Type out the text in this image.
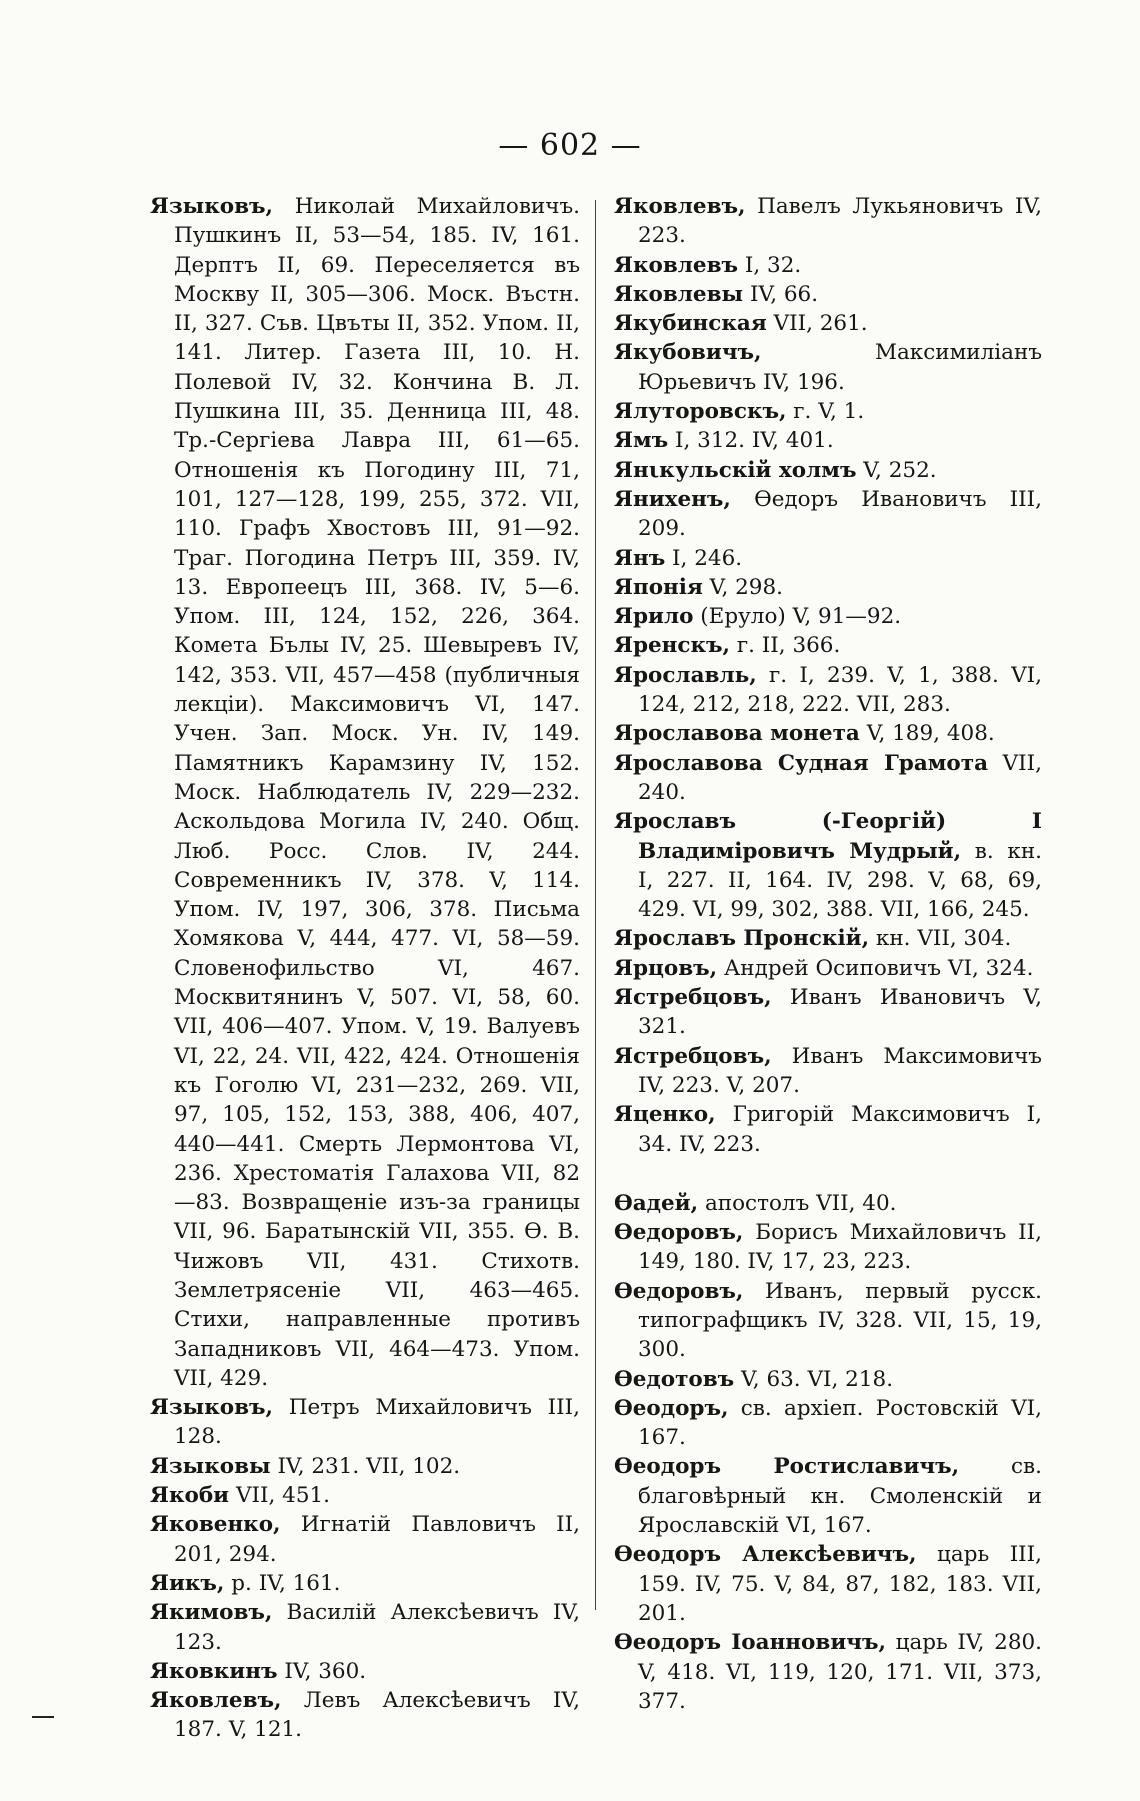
— 602 —

Языковъ, Николай Михайловичъ. Пушкинъ II, 53—54, 185. IV, 161. Дерптъ II, 69. Переселяется въ Москву II, 305—306. Моск. Въстн. II, 327. Съв. Цвъты II, 352. Упом. II, 141. Литер. Газета III, 10. Н. Полевой IV, 32. Кончина В. Л. Пушкина III, 35. Денница III, 48. Тр.-Сергіева Лавра III, 61—65. Отношенія къ Погодину III, 71, 101, 127—128, 199, 255, 372. VII, 110. Графъ Хвостовъ III, 91—92. Траг. Погодина Петръ III, 359. IV, 13. Европеецъ III, 368. IV, 5—6. Упом. III, 124, 152, 226, 364. Комета Бълы IV, 25. Шевыревъ IV, 142, 353. VII, 457—458 (публичныя лекціи). Максимовичъ VI, 147. Учен. Зап. Моск. Ун. IV, 149. Памятникъ Карамзину IV, 152. Моск. Наблюдатель IV, 229—232. Аскольдова Могила IV, 240. Общ. Люб. Росс. Слов. IV, 244. Современникъ IV, 378. V, 114. Упом. IV, 197, 306, 378. Письма Хомякова V, 444, 477. VI, 58—59. Словенофильство VI, 467. Москвитянинъ V, 507. VI, 58, 60. VII, 406—407. Упом. V, 19. Валуевъ VI, 22, 24. VII, 422, 424. Отношенія къ Гоголю VI, 231—232, 269. VII, 97, 105, 152, 153, 388, 406, 407, 440—441. Смерть Лермонтова VI, 236. Хрестоматія Галахова VII, 82—83. Возвращеніе изъ-за границы VII, 96. Баратынскій VII, 355. Ө. В. Чижовъ VII, 431. Стихотв. Землетрясеніе VII, 463—465. Стихи, направленные противъ Западниковъ VII, 464—473. Упом. VII, 429.

Языковъ, Петръ Михайловичъ III, 128.

Языковы IV, 231. VII, 102.

Якоби VII, 451.

Яковенко, Игнатій Павловичъ II, 201, 294.

Яикъ, р. IV, 161.

Якимовъ, Василій Алексѣевичъ IV, 123.

Яковкинъ IV, 360.

Яковлевъ, Левъ Алексѣевичъ IV, 187. V, 121.

Яковлевъ, Павелъ Лукьяновичъ IV, 223.

Яковлевъ I, 32.

Яковлевы IV, 66.

Якубинская VII, 261.

Якубовичъ,	Максимиліанъ Юрьевичъ IV, 196.

Ялуторовскъ, г. V, 1.

Ямъ I, 312. IV, 401.

Янικульскій холмъ V, 252.

Янихенъ, Өедоръ Ивановичъ III, 209.

Янъ I, 246.

Японія V, 298.

Ярило (Еруло) V, 91—92.

Яренскъ, г. II, 366.

Ярославль, г. I, 239. V, 1, 388. VI, 124, 212, 218, 222. VII, 283.

Ярославова монета V, 189, 408.

Ярославова Судная Грамота VII, 240.

Ярославъ (-Георгій) I Владиміровичъ Мудрый, в. кн. I, 227. II, 164. IV, 298. V, 68, 69, 429. VI, 99, 302, 388. VII, 166, 245.

Ярославъ Пронскій, кн. VII, 304.

Ярцовъ, Андрей Осиповичъ VI, 324.

Ястребцовъ, Иванъ Ивановичъ V, 321.

Ястребцовъ, Иванъ Максимовичъ IV, 223. V, 207.

Яценко, Григорій Максимовичъ I, 34. IV, 223.

Өадей, апостолъ VII, 40.

Өедоровъ, Борисъ Михайловичъ II, 149, 180. IV, 17, 23, 223.

Өедоровъ, Иванъ, первый русск. типографщикъ IV, 328. VII, 15, 19, 300.

Өедотовъ V, 63. VI, 218.

Өеодоръ, св. архіеп. Ростовскій VI, 167.

Өеодоръ Ростиславичъ, св. благовѣрный кн. Смоленскій и Ярославскій VI, 167.

Өеодоръ Алексѣевичъ, царь III, 159. IV, 75. V, 84, 87, 182, 183. VII, 201.

Өеодоръ Іоанновичъ, царь IV, 280. V, 418. VI, 119, 120, 171. VII, 373, 377.
